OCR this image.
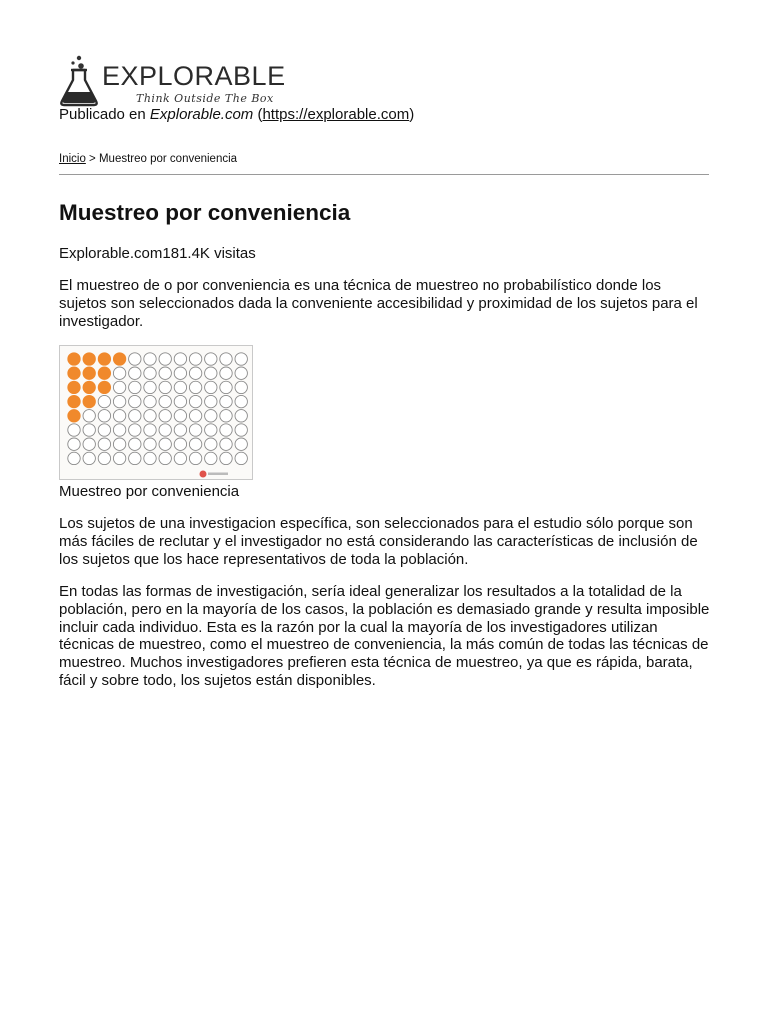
EXPLORABLE
Think Outside The Box
Publicado en Explorable.com (https://explorable.com)
Inicio > Muestreo por conveniencia
Muestreo por conveniencia
Explorable.com181.4K visitas

El muestreo de o por conveniencia es una técnica de muestreo no probabilístico donde los sujetos son seleccionados dada la conveniente accesibilidad y proximidad de los sujetos para el investigador.

Muestreo por conveniencia

Los sujetos de una investigacion específica, son seleccionados para el estudio sólo porque son más fáciles de reclutar y el investigador no está considerando las características de inclusión de los sujetos que los hace representativos de toda la población.

En todas las formas de investigación, sería ideal generalizar los resultados a la totalidad de la población, pero en la mayoría de los casos, la población es demasiado grande y resulta imposible incluir cada individuo. Esta es la razón por la cual la mayoría de los investigadores utilizan técnicas de muestreo, como el muestreo de conveniencia, la más común de todas las técnicas de muestreo. Muchos investigadores prefieren esta técnica de muestreo, ya que es rápida, barata, fácil y sobre todo, los sujetos están disponibles.
